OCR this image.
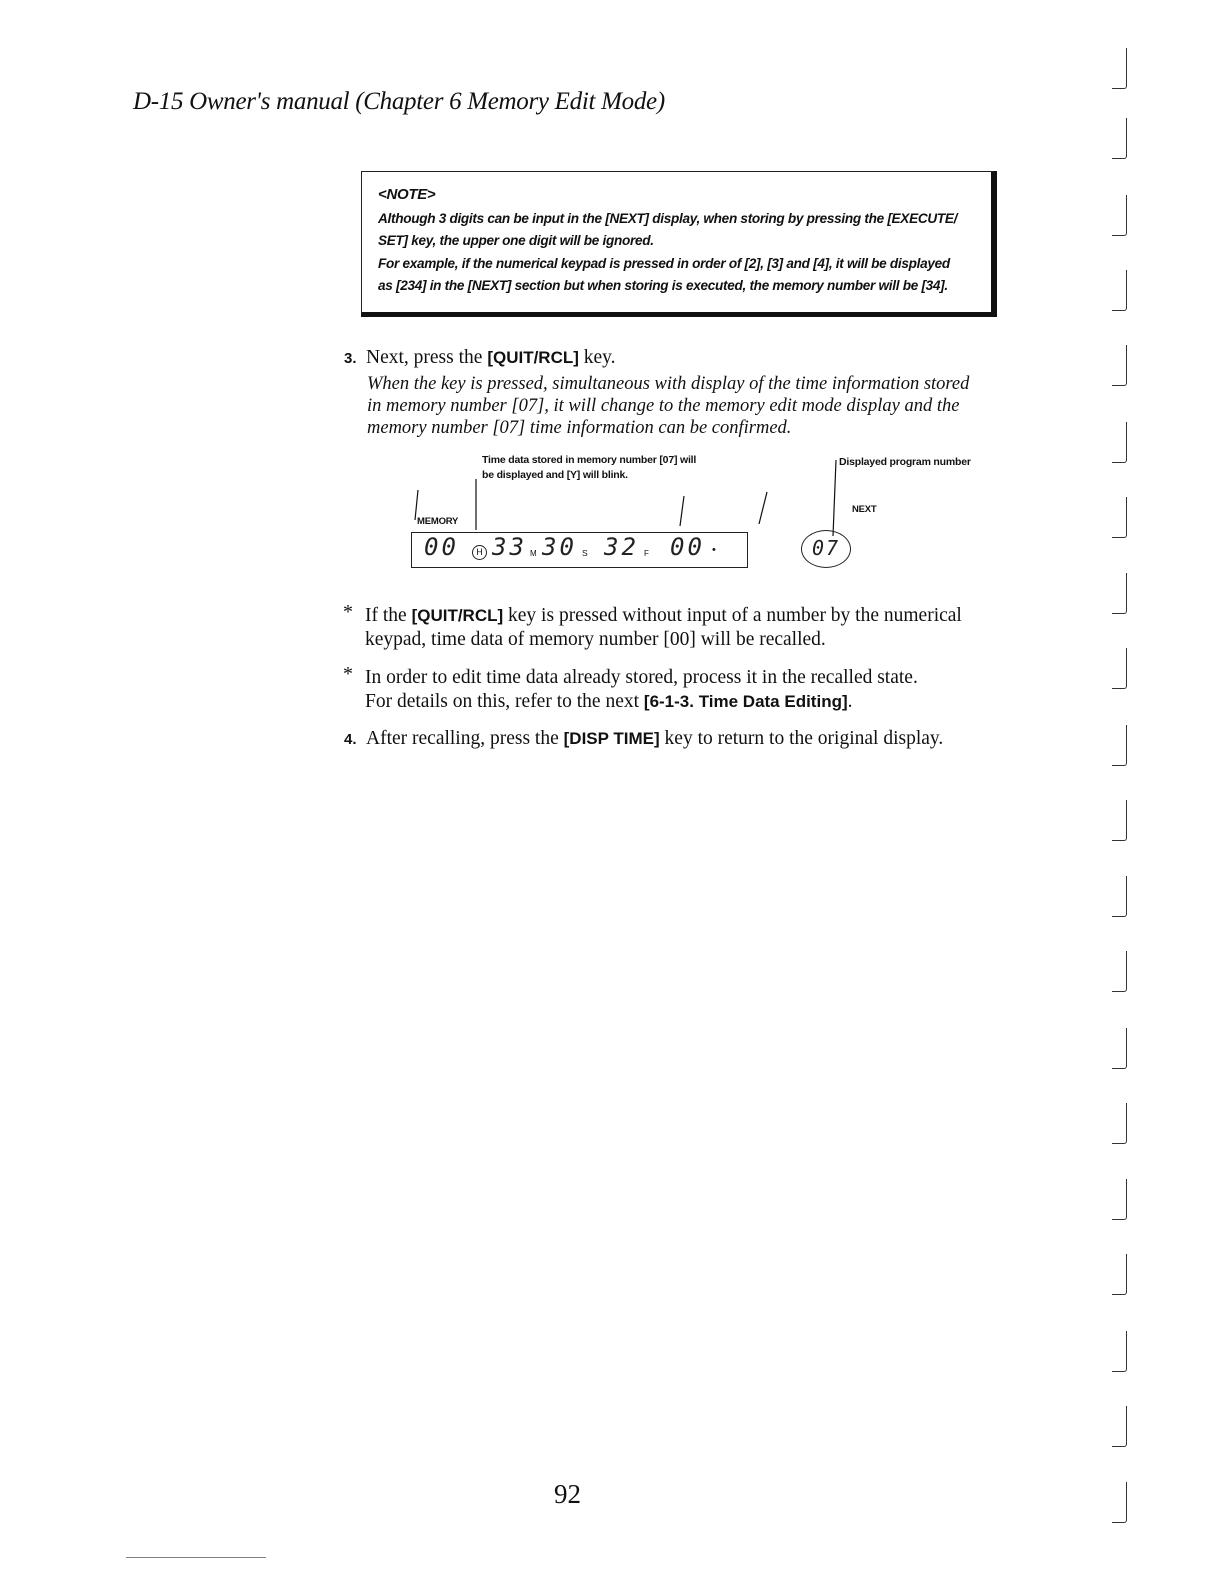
D-15 Owner's manual (Chapter 6 Memory Edit Mode)
<NOTE>
Although 3 digits can be input in the [NEXT] display, when storing by pressing the [EXECUTE/
SET] key, the upper one digit will be ignored.
For example, if the numerical keypad is pressed in order of [2], [3] and [4], it will be displayed
as [234] in the [NEXT] section but when storing is executed, the memory number will be [34].
3. Next, press the [QUIT/RCL] key.
When the key is pressed, simultaneous with display of the time information stored
in memory number [07], it will change to the memory edit mode display and the
memory number [07] time information can be confirmed.
Time data stored in memory number [07] will
be displayed and [Y] will blink.
Displayed program number
MEMORY
NEXT
00	H 33 M 30 S 32 F 00 •	07
* If the [QUIT/RCL] key is pressed without input of a number by the numerical
keypad, time data of memory number [00] will be recalled.
* In order to edit time data already stored, process it in the recalled state.
For details on this, refer to the next [6-1-3. Time Data Editing].
4. After recalling, press the [DISP TIME] key to return to the original display.
92
